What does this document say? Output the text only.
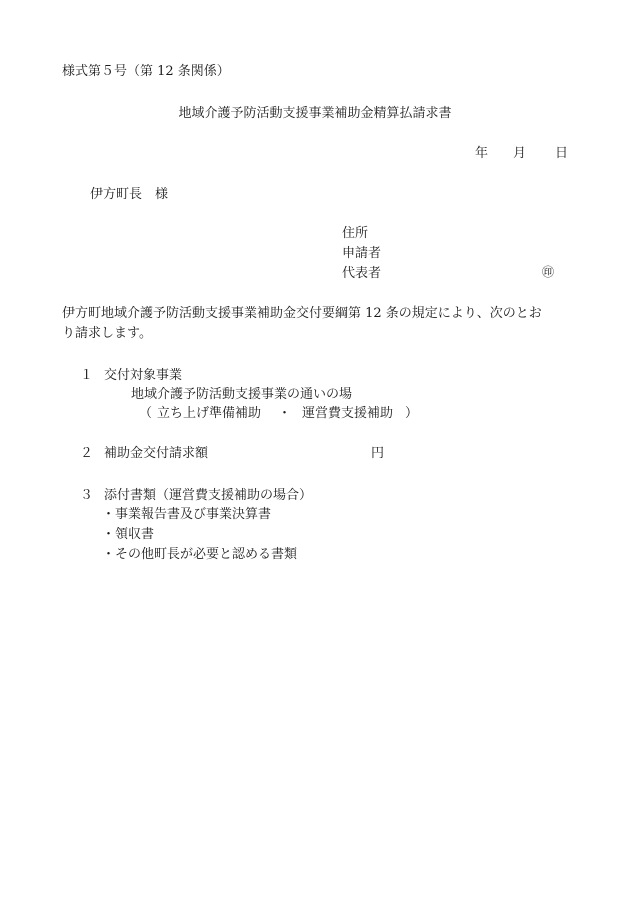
様式第５号（第 12 条関係）
地域介護予防活動支援事業補助金精算払請求書
年 月 日
伊方町長 様
住所
申請者
代表者	㊞
伊方町地域介護予防活動支援事業補助金交付要綱第 12 条の規定により、次のとお
り請求します。
１ 交付対象事業
地域介護予防活動支援事業の通いの場
（ 立ち上げ準備補助 ・ 運営費支援補助 ）
２ 補助金交付請求額	円
３ 添付書類（運営費支援補助の場合）
・事業報告書及び事業決算書
・領収書
・その他町長が必要と認める書類
